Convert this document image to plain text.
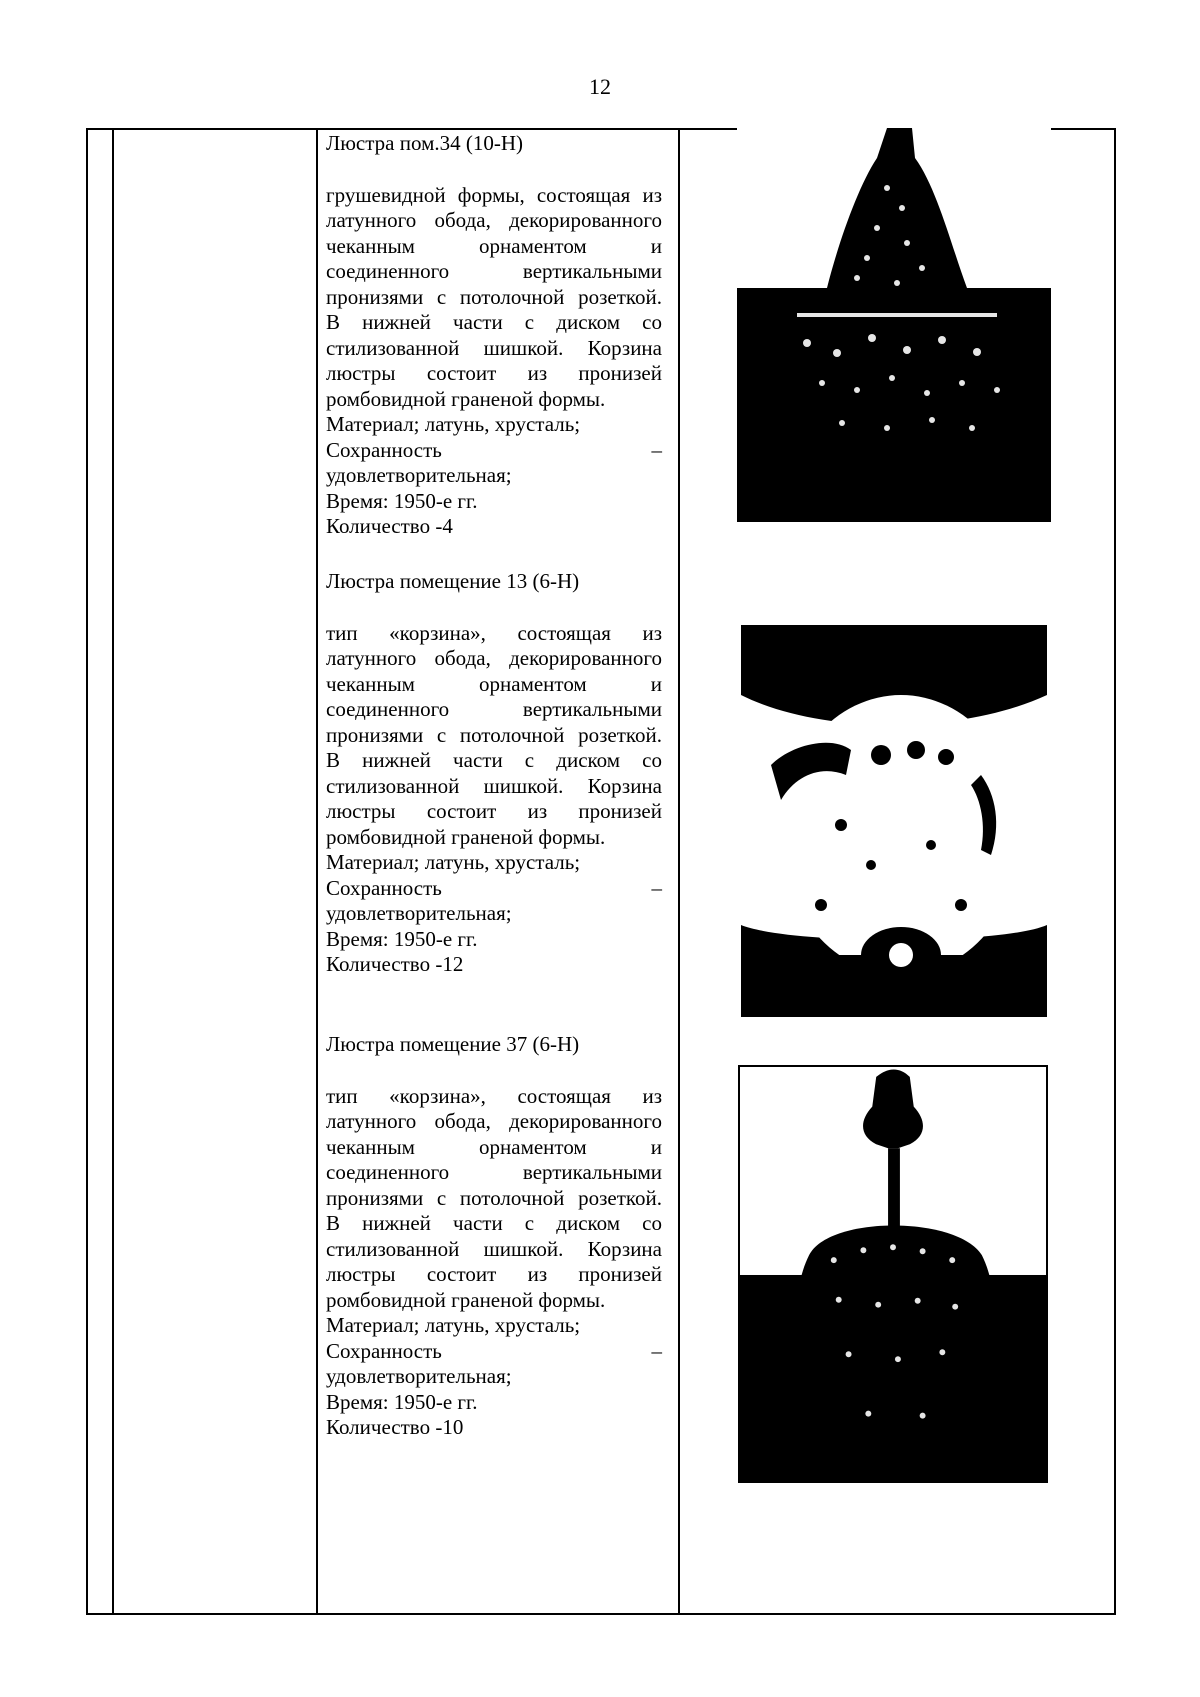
12
Люстра пом.34 (10-Н)
грушевидной формы, состоящая из
латунного обода, декорированного
чеканным орнаментом и
соединенного вертикальными
пронизями с потолочной розеткой.
В нижней части с диском со
стилизованной шишкой. Корзина
люстры состоит из пронизей
ромбовидной граненой формы.
Материал; латунь, хрусталь;
Сохранность	–
удовлетворительная;
Время: 1950-е гг.
Количество -4
Люстра помещение 13 (6-Н)
тип «корзина», состоящая из
латунного обода, декорированного
чеканным орнаментом и
соединенного вертикальными
пронизями с потолочной розеткой.
В нижней части с диском со
стилизованной шишкой. Корзина
люстры состоит из пронизей
ромбовидной граненой формы.
Материал; латунь, хрусталь;
Сохранность	–
удовлетворительная;
Время: 1950-е гг.
Количество -12
Люстра помещение 37 (6-Н)
тип «корзина», состоящая из
латунного обода, декорированного
чеканным орнаментом и
соединенного вертикальными
пронизями с потолочной розеткой.
В нижней части с диском со
стилизованной шишкой. Корзина
люстры состоит из пронизей
ромбовидной граненой формы.
Материал; латунь, хрусталь;
Сохранность	–
удовлетворительная;
Время: 1950-е гг.
Количество -10
